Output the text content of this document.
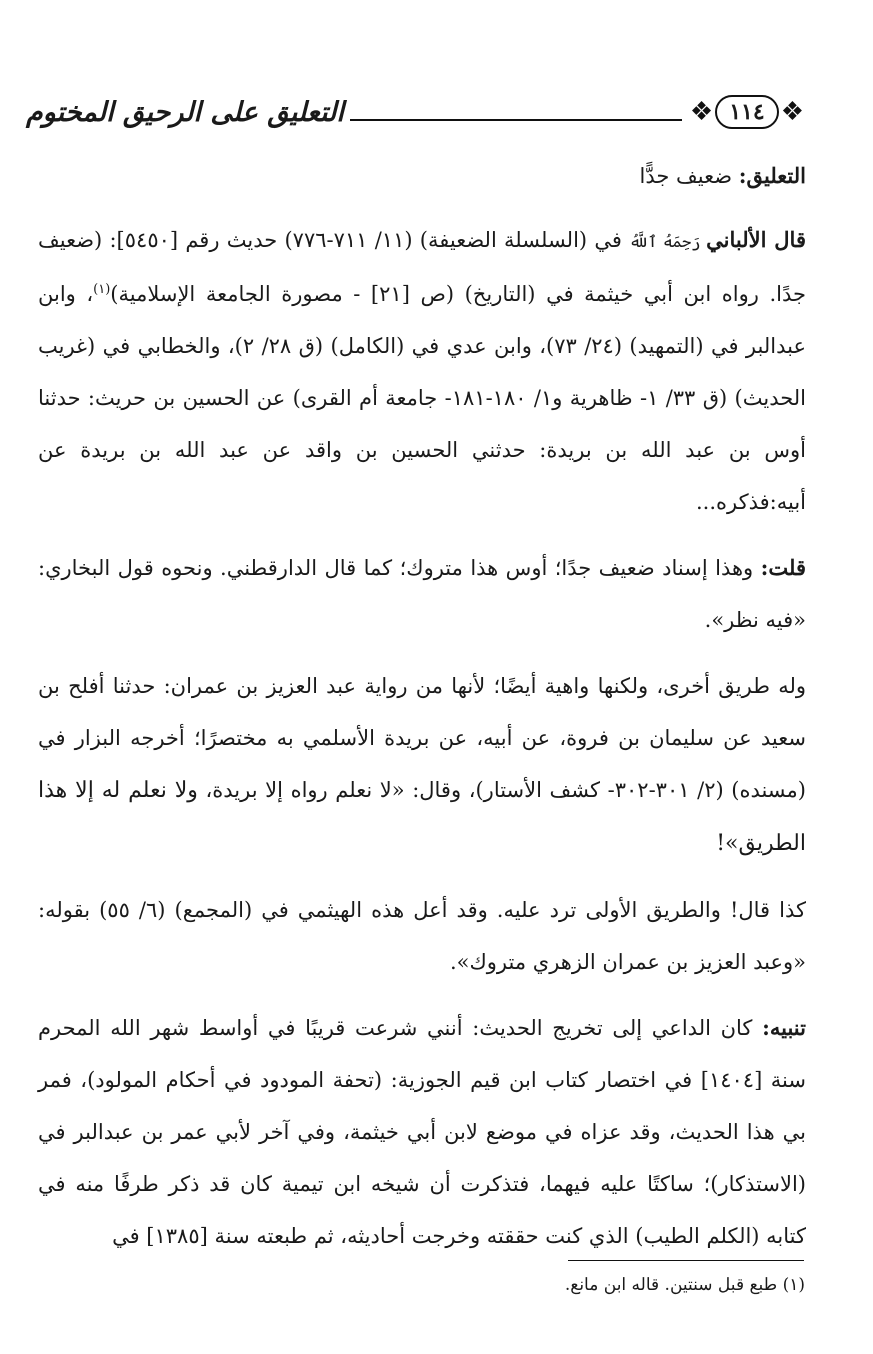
❖
١١٤
❖
التعليق على الرحيق المختوم

التعليق: ضعيف جدًّا

قال الألباني رَحِمَهُ ٱللَّهُ في (السلسلة الضعيفة) (١١/ ٧١١-٧٧٦) حديث رقم [٥٤٥٠]: (ضعيف جدًا. رواه ابن أبي خيثمة في (التاريخ) (ص [٢١] - مصورة الجامعة الإسلامية)$^{(١)}$، وابن عبدالبر في (التمهيد) (٢٤/ ٧٣)، وابن عدي في (الكامل) (ق ٢٨/ ٢)، والخطابي في (غريب الحديث) (ق ٣٣/ ١- ظاهرية و١/ ١٨٠-١٨١- جامعة أم القرى) عن الحسين بن حريث: حدثنا أوس بن عبد الله بن بريدة: حدثني الحسين بن واقد عن عبد الله بن بريدة عن أبيه:فذكره...

قلت: وهذا إسناد ضعيف جدًا؛ أوس هذا متروك؛ كما قال الدارقطني. ونحوه قول البخاري: «فيه نظر».

وله طريق أخرى، ولكنها واهية أيضًا؛ لأنها من رواية عبد العزيز بن عمران: حدثنا أفلح بن سعيد عن سليمان بن فروة، عن أبيه، عن بريدة الأسلمي به مختصرًا؛ أخرجه البزار في (مسنده) (٢/ ٣٠١-٣٠٢- كشف الأستار)، وقال: «لا نعلم رواه إلا بريدة، ولا نعلم له إلا هذا الطريق»!

كذا قال! والطريق الأولى ترد عليه. وقد أعل هذه الهيثمي في (المجمع) (٦/ ٥٥) بقوله: «وعبد العزيز بن عمران الزهري متروك».

تنبيه: كان الداعي إلى تخريج الحديث: أنني شرعت قريبًا في أواسط شهر الله المحرم سنة [١٤٠٤] في اختصار كتاب ابن قيم الجوزية: (تحفة المودود في أحكام المولود)، فمر بي هذا الحديث، وقد عزاه في موضع لابن أبي خيثمة، وفي آخر لأبي عمر بن عبدالبر في (الاستذكار)؛ ساكتًا عليه فيهما، فتذكرت أن شيخه ابن تيمية كان قد ذكر طرفًا منه في كتابه (الكلم الطيب) الذي كنت حققته وخرجت أحاديثه، ثم طبعته سنة [١٣٨٥] في

(١) طبع قبل سنتين. قاله ابن مانع.
